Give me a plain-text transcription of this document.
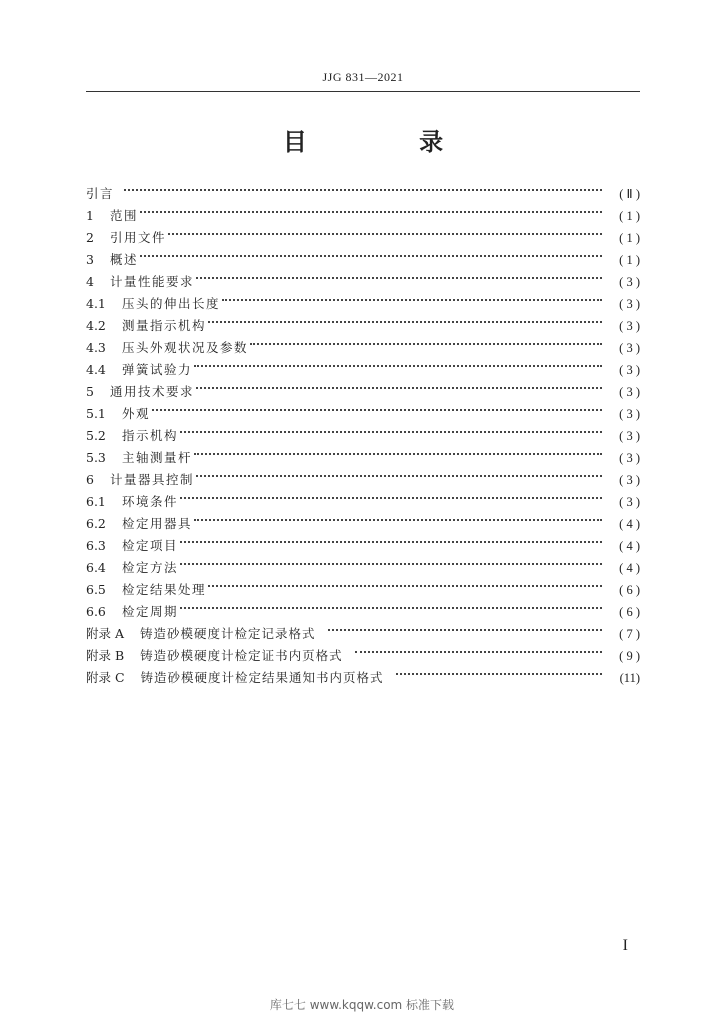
JJG 831—2021
目 录
引言	( Ⅱ )
1	范围	( 1 )
2	引用文件	( 1 )
3	概述	( 1 )
4	计量性能要求	( 3 )
4.1	压头的伸出长度	( 3 )
4.2	测量指示机构	( 3 )
4.3	压头外观状况及参数	( 3 )
4.4	弹簧试验力	( 3 )
5	通用技术要求	( 3 )
5.1	外观	( 3 )
5.2	指示机构	( 3 )
5.3	主轴测量杆	( 3 )
6	计量器具控制	( 3 )
6.1	环境条件	( 3 )
6.2	检定用器具	( 4 )
6.3	检定项目	( 4 )
6.4	检定方法	( 4 )
6.5	检定结果处理	( 6 )
6.6	检定周期	( 6 )
附录 A 铸造砂模硬度计检定记录格式	( 7 )
附录 B 铸造砂模硬度计检定证书内页格式	( 9 )
附录 C 铸造砂模硬度计检定结果通知书内页格式	(11)
I
库七七 www.kqqw.com 标准下载
